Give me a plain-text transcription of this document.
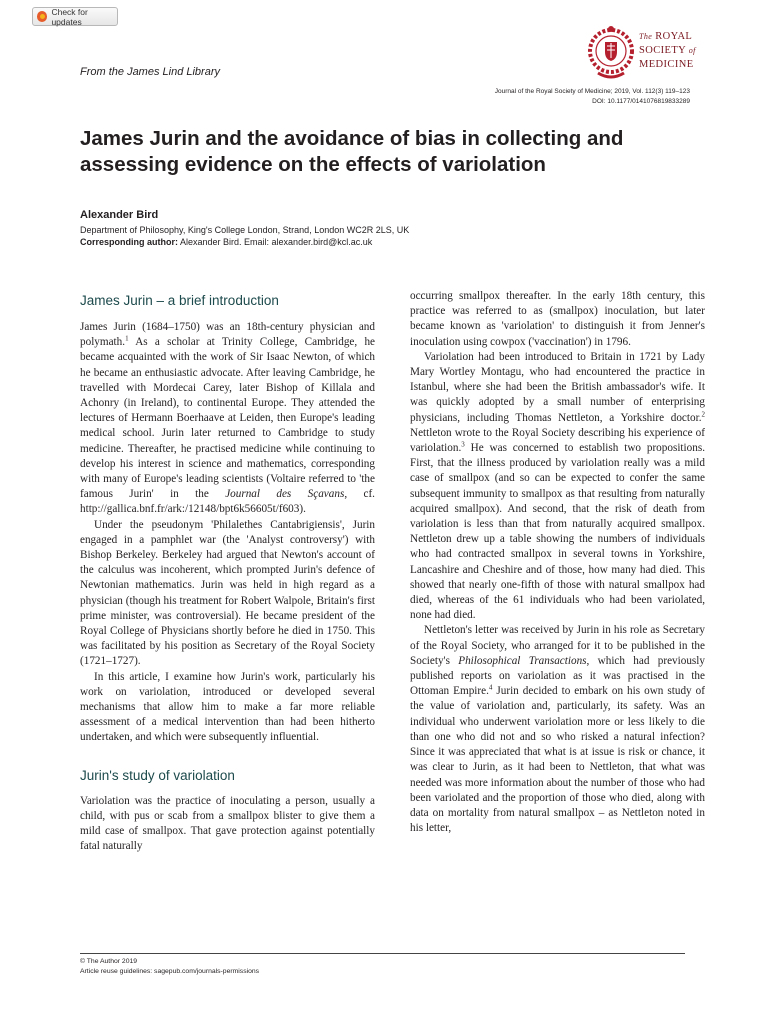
Check for updates
From the James Lind Library
The ROYAL
SOCIETY of
MEDICINE
Journal of the Royal Society of Medicine; 2019, Vol. 112(3) 119–123
DOI: 10.1177/0141076819833289
James Jurin and the avoidance of bias in collecting and assessing evidence on the effects of variolation
Alexander Bird
Department of Philosophy, King's College London, Strand, London WC2R 2LS, UK
Corresponding author: Alexander Bird. Email: alexander.bird@kcl.ac.uk
James Jurin – a brief introduction

James Jurin (1684–1750) was an 18th-century physician and polymath.$^1$ As a scholar at Trinity College, Cambridge, he became acquainted with the work of Sir Isaac Newton, of which he became an enthusiastic advocate. After leaving Cambridge, he travelled with Mordecai Carey, later Bishop of Killala and Achonry (in Ireland), to continental Europe. They attended the lectures of Hermann Boerhaave at Leiden, then Europe's leading medical school. Jurin later returned to Cambridge to study medicine. Thereafter, he practised medicine while continuing to develop his interest in science and mathematics, corresponding with many of Europe's leading scientists (Voltaire referred to 'the famous Jurin' in the Journal des Sçavans, cf. http://gallica.bnf.fr/ark:/12148/bpt6k56605t/f603).

Under the pseudonym 'Philalethes Cantabrigiensis', Jurin engaged in a pamphlet war (the 'Analyst controversy') with Bishop Berkeley. Berkeley had argued that Newton's account of the calculus was incoherent, which prompted Jurin's defence of Newtonian mathematics. Jurin was held in high regard as a physician (though his treatment for Robert Walpole, Britain's first prime minister, was controversial). He became president of the Royal College of Physicians shortly before he died in 1750. This was facilitated by his position as Secretary of the Royal Society (1721–1727).

In this article, I examine how Jurin's work, particularly his work on variolation, introduced or developed several mechanisms that allow him to make a far more reliable assessment of a medical intervention than had been hitherto undertaken, and which were subsequently influential.

Jurin's study of variolation

Variolation was the practice of inoculating a person, usually a child, with pus or scab from a smallpox blister to give them a mild case of smallpox. That gave protection against potentially fatal naturally

occurring smallpox thereafter. In the early 18th century, this practice was referred to as (smallpox) inoculation, but later became known as 'variolation' to distinguish it from Jenner's inoculation using cowpox ('vaccination') in 1796.

Variolation had been introduced to Britain in 1721 by Lady Mary Wortley Montagu, who had encountered the practice in Istanbul, where she had been the British ambassador's wife. It was quickly adopted by a small number of enterprising physicians, including Thomas Nettleton, a Yorkshire doctor.$^2$ Nettleton wrote to the Royal Society describing his experience of variolation.$^3$ He was concerned to establish two propositions. First, that the illness produced by variolation really was a mild case of smallpox (and so can be expected to confer the same subsequent immunity to smallpox as that resulting from naturally acquired smallpox). And second, that the risk of death from variolation is less than that from naturally acquired smallpox. Nettleton drew up a table showing the numbers of individuals who had contracted smallpox in several towns in Yorkshire, Lancashire and Cheshire and of those, how many had died. This showed that nearly one-fifth of those with natural smallpox had died, whereas of the 61 individuals who had been variolated, none had died.

Nettleton's letter was received by Jurin in his role as Secretary of the Royal Society, who arranged for it to be published in the Society's Philosophical Transactions, which had previously published reports on variolation as it was practised in the Ottoman Empire.$^4$ Jurin decided to embark on his own study of the value of variolation and, particularly, its safety. Was an individual who underwent variolation more or less likely to die than one who did not and so who risked a natural infection? Since it was appreciated that what is at issue is risk or chance, it was clear to Jurin, as it had been to Nettleton, that what was needed was more information about the number of those who had been variolated and the proportion of those who died, along with data on mortality from natural smallpox – as Nettleton noted in his letter,

© The Author 2019
Article reuse guidelines: sagepub.com/journals-permissions
